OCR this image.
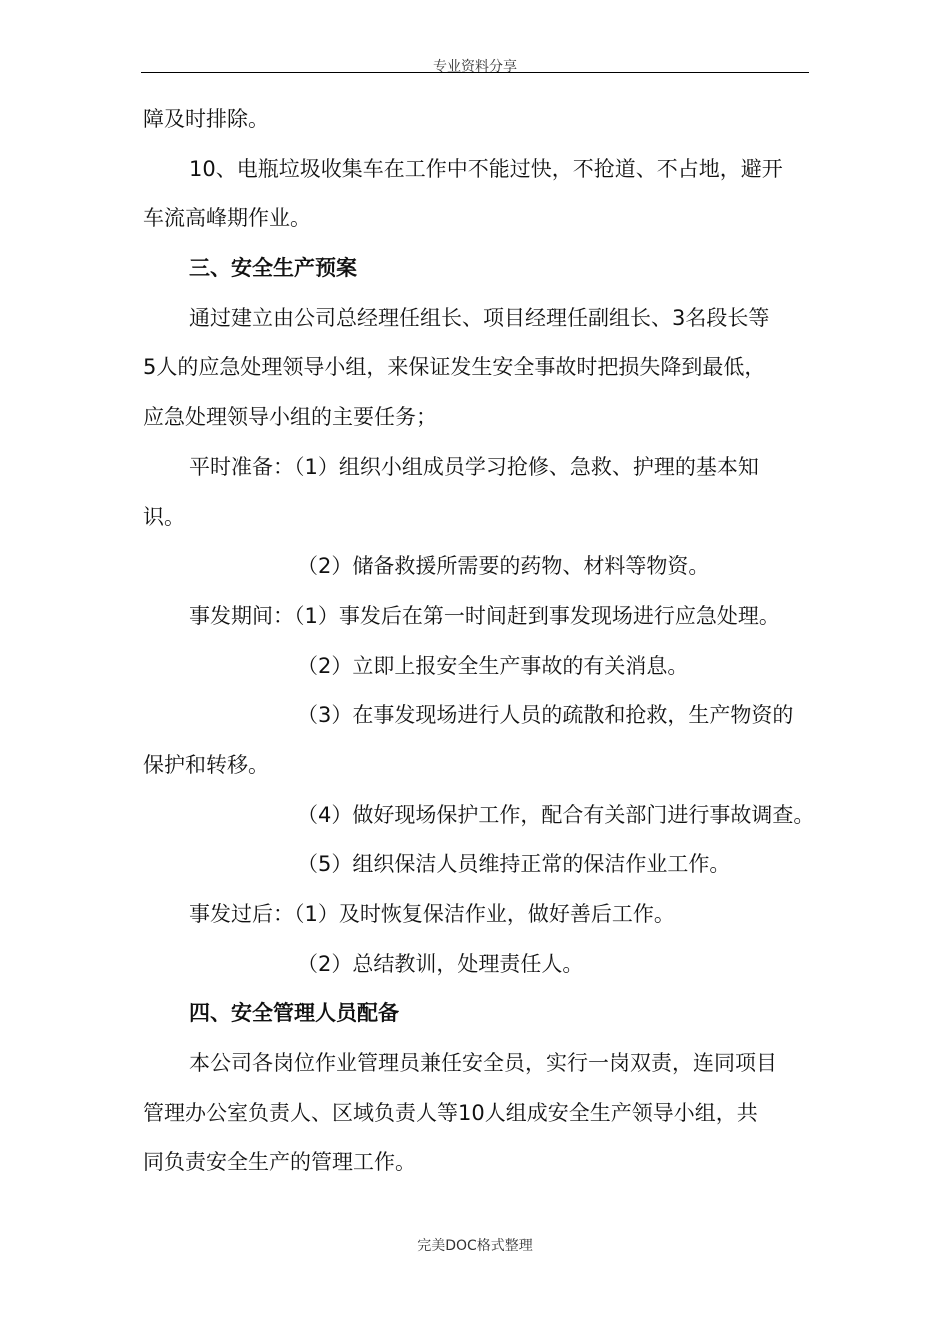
专业资料分享
障及时排除。
10、电瓶垃圾收集车在工作中不能过快，不抢道、不占地，避开
车流高峰期作业。
三、安全生产预案
通过建立由公司总经理任组长、项目经理任副组长、3名段长等
5人的应急处理领导小组，来保证发生安全事故时把损失降到最低，
应急处理领导小组的主要任务；
平时准备：（1）组织小组成员学习抢修、急救、护理的基本知
识。
（2）储备救援所需要的药物、材料等物资。
事发期间：（1）事发后在第一时间赶到事发现场进行应急处理。
（2）立即上报安全生产事故的有关消息。
（3）在事发现场进行人员的疏散和抢救，生产物资的
保护和转移。
（4）做好现场保护工作，配合有关部门进行事故调查。
（5）组织保洁人员维持正常的保洁作业工作。
事发过后：（1）及时恢复保洁作业，做好善后工作。
（2）总结教训，处理责任人。
四、安全管理人员配备
本公司各岗位作业管理员兼任安全员，实行一岗双责，连同项目
管理办公室负责人、区域负责人等10人组成安全生产领导小组，共
同负责安全生产的管理工作。
完美DOC格式整理
